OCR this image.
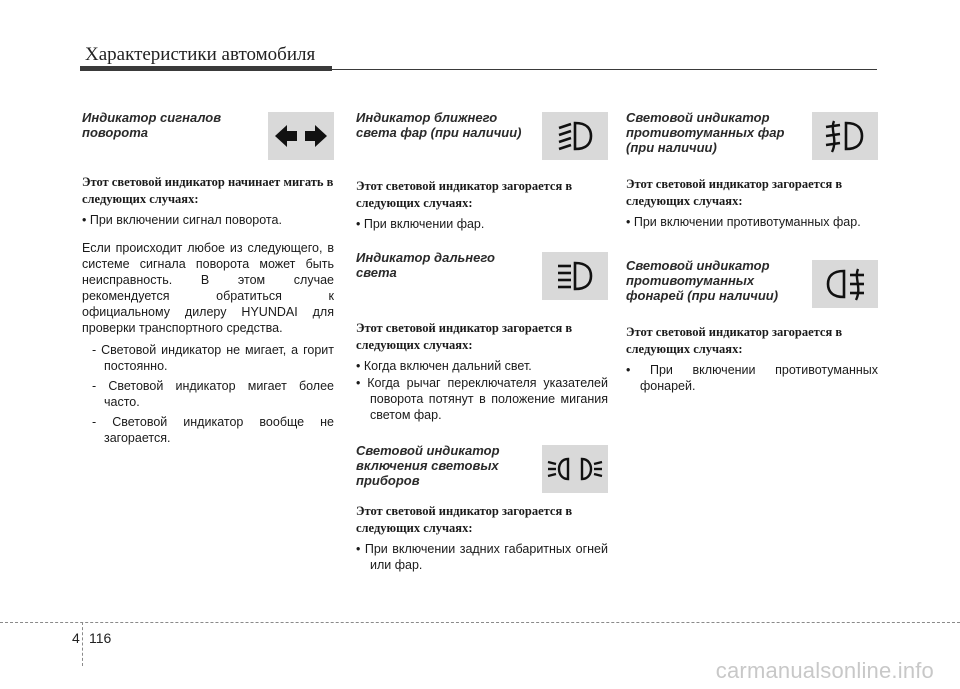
Характеристики автомобиля
Индикатор сигналов поворота
Этот световой индикатор начинает мигать в следующих случаях:
• При включении сигнал поворота.
Если происходит любое из следующего, в системе сигнала поворота может быть неисправность. В этом случае рекомендуется обратиться к официальному дилеру HYUNDAI для проверки транспортного средства.
- Световой индикатор не мигает, а горит постоянно.
- Световой индикатор мигает более часто.
- Световой индикатор вообще не загорается.
Индикатор ближнего света фар (при наличии)
Этот световой индикатор загорается в следующих случаях:
• При включении фар.
Индикатор дальнего света
Этот световой индикатор загорается в следующих случаях:
• Когда включен дальний свет.
• Когда рычаг переключателя указателей поворота потянут в положение мигания светом фар.
Световой индикатор включения световых приборов
Этот световой индикатор загорается в следующих случаях:
• При включении задних габаритных огней или фар.
Световой индикатор противотуманных фар (при наличии)
Этот световой индикатор загорается в следующих случаях:
• При включении противотуманных фар.
Световой индикатор противотуманных фонарей (при наличии)
Этот световой индикатор загорается в следующих случаях:
• При включении противотуманных фонарей.
4 116
carmanualsonline.info
